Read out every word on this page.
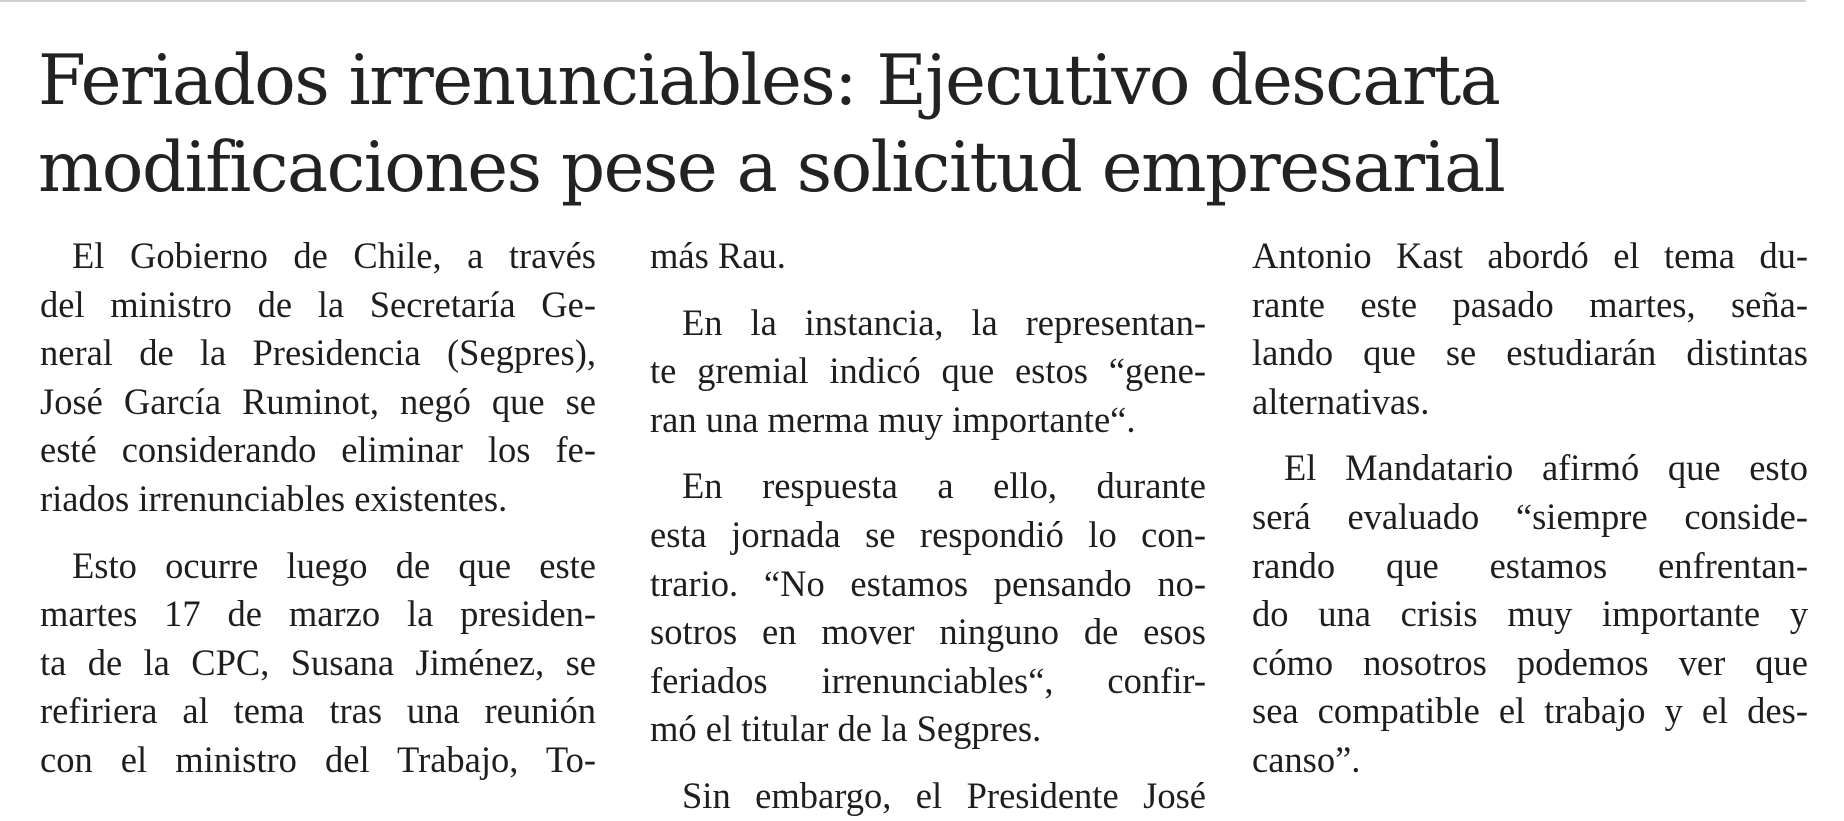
Feriados irrenunciables: Ejecutivo descarta
modificaciones pese a solicitud empresarial
El Gobierno de Chile, a través
del ministro de la Secretaría Ge-
neral de la Presidencia (Segpres),
José García Ruminot, negó que se
esté considerando eliminar los fe-
riados irrenunciables existentes.
Esto ocurre luego de que este
martes 17 de marzo la presiden-
ta de la CPC, Susana Jiménez, se
refiriera al tema tras una reunión
con el ministro del Trabajo, To-
más Rau.
En la instancia, la representan-
te gremial indicó que estos “gene-
ran una merma muy importante“.
En respuesta a ello, durante
esta jornada se respondió lo con-
trario. “No estamos pensando no-
sotros en mover ninguno de esos
feriados irrenunciables“, confir-
mó el titular de la Segpres.
Sin embargo, el Presidente José
Antonio Kast abordó el tema du-
rante este pasado martes, seña-
lando que se estudiarán distintas
alternativas.
El Mandatario afirmó que esto
será evaluado “siempre conside-
rando que estamos enfrentan-
do una crisis muy importante y
cómo nosotros podemos ver que
sea compatible el trabajo y el des-
canso”.
